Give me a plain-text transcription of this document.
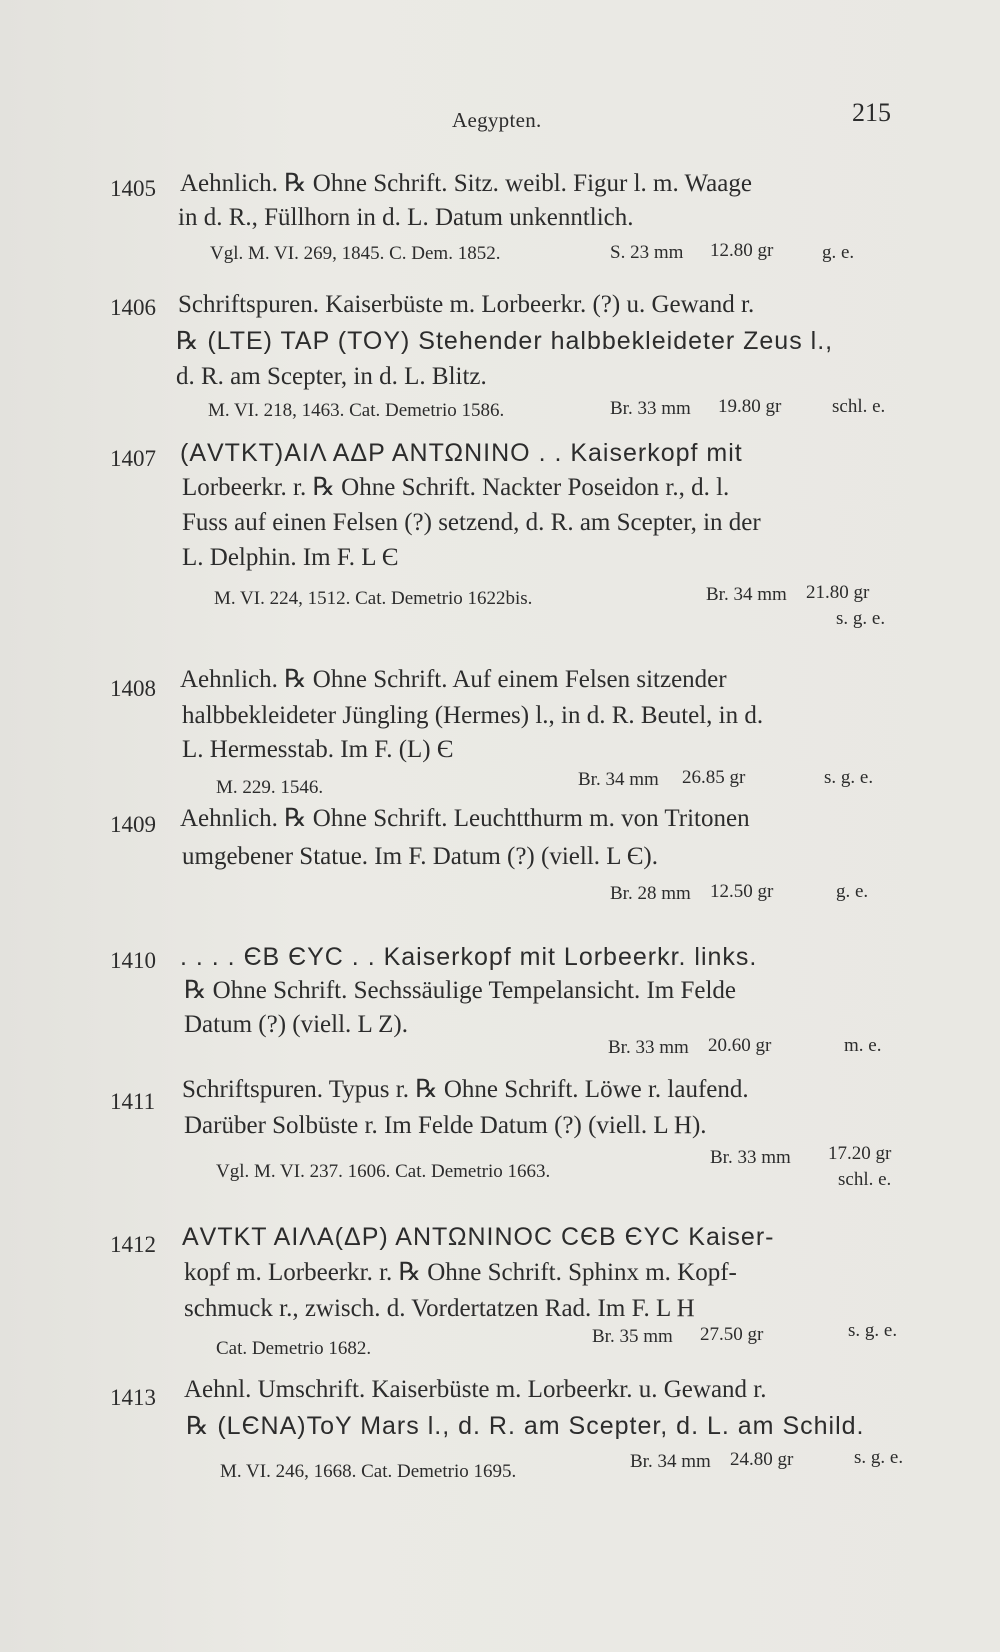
Aegypten.	215
1405 Aehnlich. ℞ Ohne Schrift. Sitz. weibl. Figur l. m. Waage
in d. R., Füllhorn in d. L. Datum unkenntlich.
Vgl. M. VI. 269, 1845. C. Dem. 1852.	S. 23 mm 12.80 gr	g. e.
1406 Schriftspuren. Kaiserbüste m. Lorbeerkr. (?) u. Gewand r.
℞ (LTE) TAP (TOY) Stehender halbbekleideter Zeus l.,
d. R. am Scepter, in d. L. Blitz.
M. VI. 218, 1463. Cat. Demetrio 1586.	Br. 33 mm 19.80 gr	schl. e.
1407 (ΑVΤΚΤ)ΑΙΛ ΑΔΡ ΑΝΤΩΝΙΝΟ . . Kaiserkopf mit
Lorbeerkr. r. ℞ Ohne Schrift. Nackter Poseidon r., d. l.
Fuss auf einen Felsen (?) setzend, d. R. am Scepter, in der
L. Delphin. Im F. L Є
M. VI. 224, 1512. Cat. Demetrio 1622bis.	Br. 34 mm 21.80 gr
s. g. e.
1408 Aehnlich. ℞ Ohne Schrift. Auf einem Felsen sitzender
halbbekleideter Jüngling (Hermes) l., in d. R. Beutel, in d.
L. Hermesstab. Im F. (L) Є
M. 229. 1546.	Br. 34 mm 26.85 gr	s. g. e.
1409 Aehnlich. ℞ Ohne Schrift. Leuchtthurm m. von Tritonen
umgebener Statue. Im F. Datum (?) (viell. L Є).
Br. 28 mm 12.50 gr	g. e.
1410 . . . . ЄΒ ЄΥϹ . . Kaiserkopf mit Lorbeerkr. links.
℞ Ohne Schrift. Sechssäulige Tempelansicht. Im Felde
Datum (?) (viell. L Ζ).
Br. 33 mm 20.60 gr	m. e.
1411	Schriftspuren. Typus r. ℞ Ohne Schrift. Löwe r. laufend.
Darüber Solbüste r. Im Felde Datum (?) (viell. L Η).
Vgl. M. VI. 237. 1606. Cat. Demetrio 1663.
Br. 33 mm 17.20 gr
schl. e.
1412	ΑVΤΚΤ ΑΙΛΑ(ΔΡ) ΑΝΤΩΝΙΝΟϹ ϹЄΒ ЄΥϹ Kaiser-
kopf m. Lorbeerkr. r. ℞ Ohne Schrift. Sphinx m. Kopf-
schmuck r., zwisch. d. Vordertatzen Rad. Im F. L Η
Cat. Demetrio 1682.
Br. 35 mm 27.50 gr	s. g. e.
1413	Aehnl. Umschrift. Kaiserbüste m. Lorbeerkr. u. Gewand r.
℞ (LЄΝΑ)ΤοΥ Mars l., d. R. am Scepter, d. L. am Schild.
M. VI. 246, 1668. Cat. Demetrio 1695.	Br. 34 mm 24.80 gr	s. g. e.
